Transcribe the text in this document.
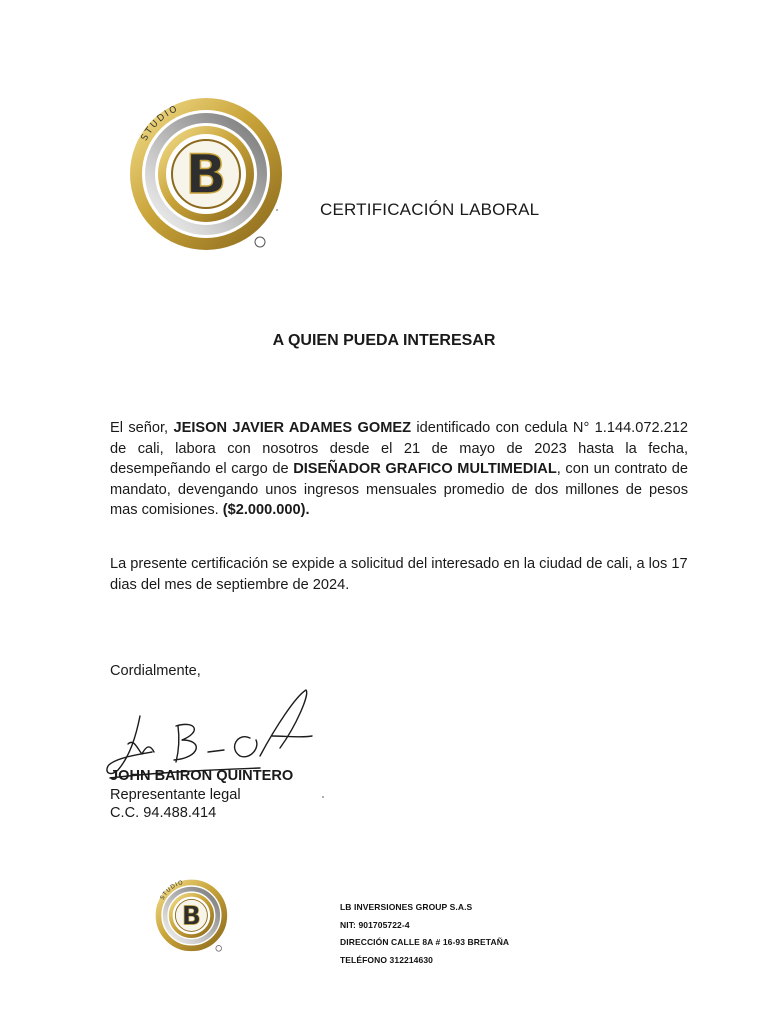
B
STUDIO
CERTIFICACIÓN LABORAL
A QUIEN PUEDA INTERESAR
El señor, JEISON JAVIER ADAMES GOMEZ identificado con cedula N° 1.144.072.212 de cali, labora con nosotros desde el 21 de mayo de 2023 hasta la fecha, desempeñando el cargo de DISEÑADOR GRAFICO MULTIMEDIAL, con un contrato de mandato, devengando unos ingresos mensuales promedio de dos millones de pesos mas comisiones. ($2.000.000).
La presente certificación se expide a solicitud del interesado en la ciudad de cali, a los 17 dias del mes de septiembre de 2024.
Cordialmente,
JOHN BAIRON QUINTERO
Representante legal
C.C. 94.488.414
B
STUDIO
LB INVERSIONES GROUP S.A.S
NIT: 901705722-4
DIRECCIÓN CALLE 8A # 16-93 BRETAÑA
TELÉFONO 312214630
